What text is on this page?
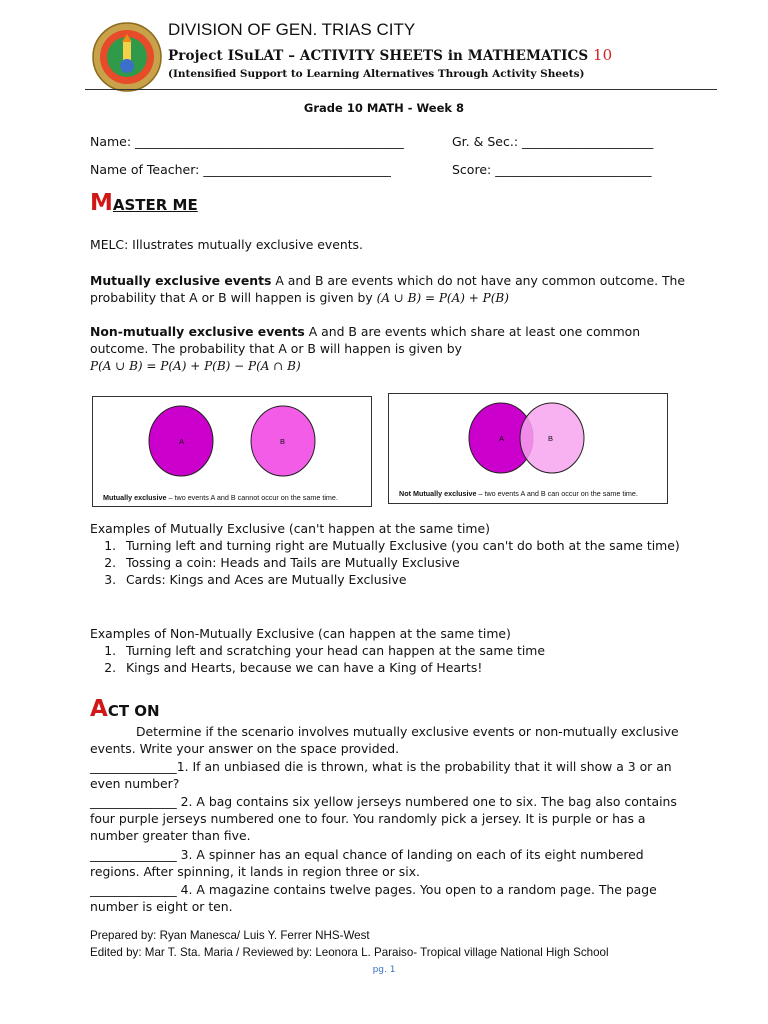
DIVISION OF GEN. TRIAS CITY
Project ISuLAT – ACTIVITY SHEETS in MATHEMATICS 10
(Intensified Support to Learning Alternatives Through Activity Sheets)
Grade 10 MATH - Week 8
Name: ___________________________________________	Gr. & Sec.: _____________________
Name of Teacher: ______________________________	Score: _________________________
MASTER ME
MELC: Illustrates mutually exclusive events.
Mutually exclusive events A and B are events which do not have any common outcome. The probability that A or B will happen is given by (A ∪ B) = P(A) + P(B)
Non-mutually exclusive events A and B are events which share at least one common outcome. The probability that A or B will happen is given by
P(A ∪ B) = P(A) + P(B) − P(A ∩ B)
A	B
Mutually exclusive – two events A and B cannot occur on the same time.
A	B
Not Mutually exclusive – two events A and B can occur on the same time.
Examples of Mutually Exclusive (can't happen at the same time)
1. Turning left and turning right are Mutually Exclusive (you can't do both at the same time)
2. Tossing a coin: Heads and Tails are Mutually Exclusive
3. Cards: Kings and Aces are Mutually Exclusive
Examples of Non-Mutually Exclusive (can happen at the same time)
1. Turning left and scratching your head can happen at the same time
2. Kings and Hearts, because we can have a King of Hearts!
ACT ON
Determine if the scenario involves mutually exclusive events or non-mutually exclusive events. Write your answer on the space provided.
______________1. If an unbiased die is thrown, what is the probability that it will show a 3 or an even number?
______________ 2. A bag contains six yellow jerseys numbered one to six. The bag also contains four purple jerseys numbered one to four. You randomly pick a jersey. It is purple or has a number greater than five.
______________ 3. A spinner has an equal chance of landing on each of its eight numbered regions. After spinning, it lands in region three or six.
______________ 4. A magazine contains twelve pages. You open to a random page. The page number is eight or ten.
Prepared by: Ryan Manesca/ Luis Y. Ferrer NHS-West
Edited by: Mar T. Sta. Maria / Reviewed by: Leonora L. Paraiso- Tropical village National High School
pg. 1
